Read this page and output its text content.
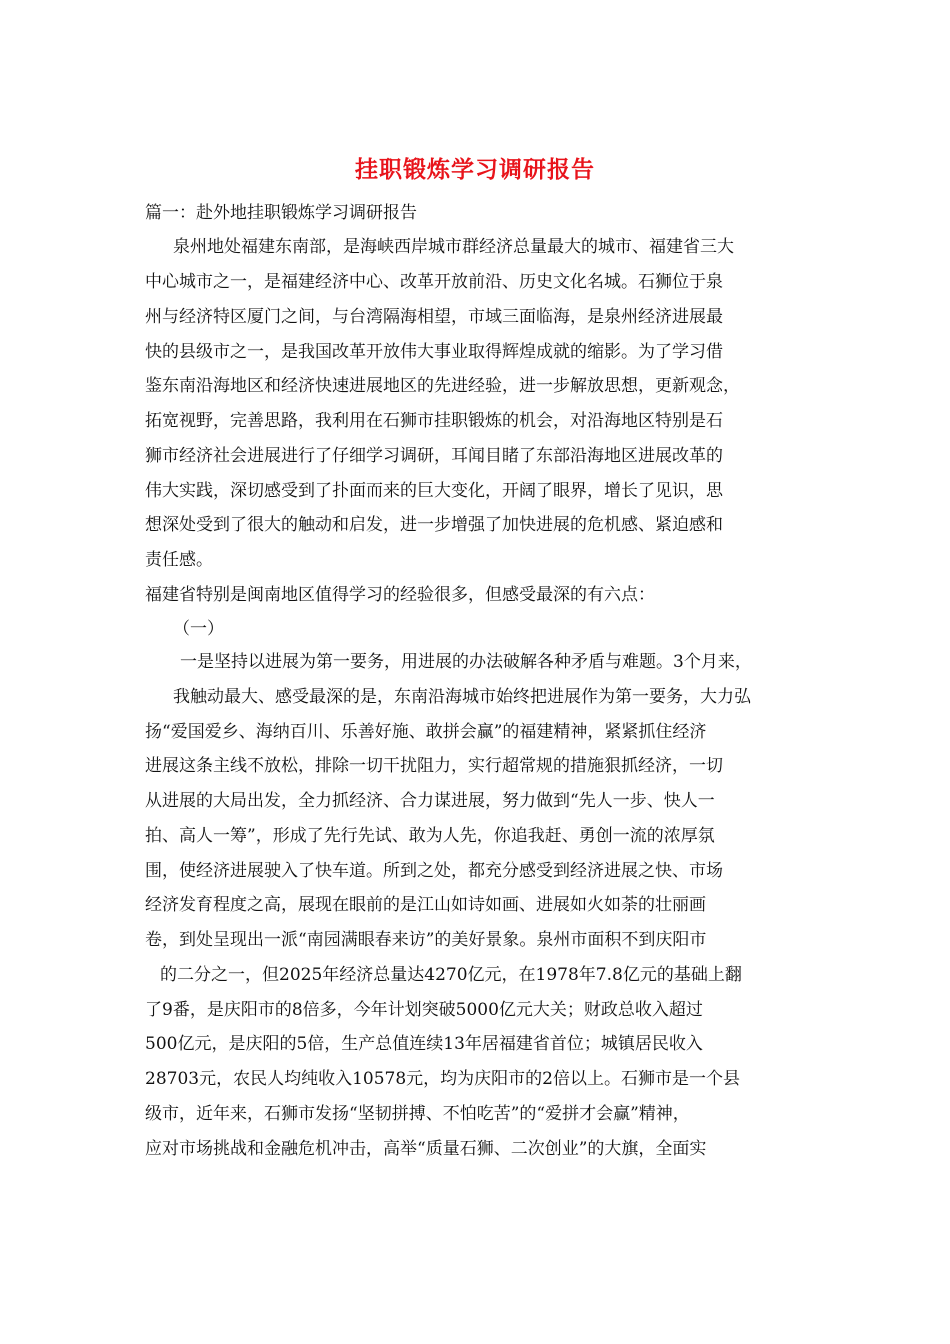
挂职锻炼学习调研报告
篇一：赴外地挂职锻炼学习调研报告
泉州地处福建东南部，是海峡西岸城市群经济总量最大的城市、福建省三大
中心城市之一，是福建经济中心、改革开放前沿、历史文化名城。石狮位于泉
州与经济特区厦门之间，与台湾隔海相望，市域三面临海，是泉州经济进展最
快的县级市之一，是我国改革开放伟大事业取得辉煌成就的缩影。为了学习借
鉴东南沿海地区和经济快速进展地区的先进经验，进一步解放思想，更新观念，
拓宽视野，完善思路，我利用在石狮市挂职锻炼的机会，对沿海地区特别是石
狮市经济社会进展进行了仔细学习调研，耳闻目睹了东部沿海地区进展改革的
伟大实践，深切感受到了扑面而来的巨大变化，开阔了眼界，增长了见识，思
想深处受到了很大的触动和启发，进一步增强了加快进展的危机感、紧迫感和
责任感。
福建省特别是闽南地区值得学习的经验很多，但感受最深的有六点：
（一）
一是坚持以进展为第一要务，用进展的办法破解各种矛盾与难题。3个月来，
我触动最大、感受最深的是，东南沿海城市始终把进展作为第一要务，大力弘
扬“爱国爱乡、海纳百川、乐善好施、敢拼会赢”的福建精神，紧紧抓住经济
进展这条主线不放松，排除一切干扰阻力，实行超常规的措施狠抓经济，一切
从进展的大局出发，全力抓经济、合力谋进展，努力做到“先人一步、快人一
拍、高人一筹”，形成了先行先试、敢为人先，你追我赶、勇创一流的浓厚氛
围，使经济进展驶入了快车道。所到之处，都充分感受到经济进展之快、市场
经济发育程度之高，展现在眼前的是江山如诗如画、进展如火如荼的壮丽画
卷，到处呈现出一派“南园满眼春来访”的美好景象。泉州市面积不到庆阳市
的二分之一，但2025年经济总量达4270亿元，在1978年7.8亿元的基础上翻
了9番，是庆阳市的8倍多，今年计划突破5000亿元大关；财政总收入超过
500亿元，是庆阳的5倍，生产总值连续13年居福建省首位；城镇居民收入
28703元，农民人均纯收入10578元，均为庆阳市的2倍以上。石狮市是一个县
级市，近年来，石狮市发扬“坚韧拼搏、不怕吃苦”的“爱拼才会赢”精神，
应对市场挑战和金融危机冲击，高举“质量石狮、二次创业”的大旗，全面实
